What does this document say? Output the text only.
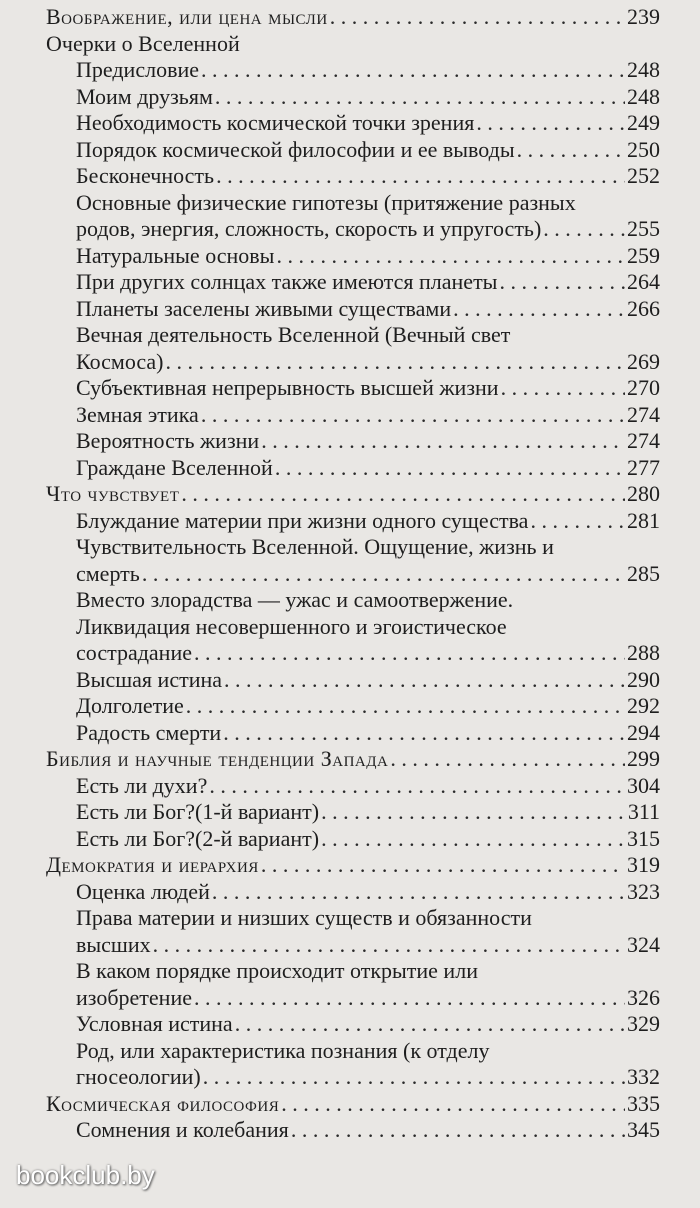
Воображение, или цена мысли . . .	239
Очерки о Вселенной
Предисловие . . .	248
Моим друзьям . . .	248
Необходимость космической точки зрения . . .	249
Порядок космической философии и ее выводы . . .	250
Бесконечность . . .	252
Основные физические гипотезы (притяжение разных
родов, энергия, сложность, скорость и упругость) . . .	255
Натуральные основы . . .	259
При других солнцах также имеются планеты . . .	264
Планеты заселены живыми существами . . .	266
Вечная деятельность Вселенной (Вечный свет
Космоса) . . .	269
Субъективная непрерывность высшей жизни . . .	270
Земная этика . . .	274
Вероятность жизни . . .	274
Граждане Вселенной . . .	277
Что чувствует . . .	280
Блуждание материи при жизни одного существа . . .	281
Чувствительность Вселенной. Ощущение, жизнь и
смерть . . .	285
Вместо злорадства — ужас и самоотвержение.
Ликвидация несовершенного и эгоистическое
сострадание . . .	288
Высшая истина . . .	290
Долголетие . . .	292
Радость смерти . . .	294
Библия и научные тенденции Запада . . .	299
Есть ли духи? . . .	304
Есть ли Бог?(1-й вариант) . . .	311
Есть ли Бог?(2-й вариант) . . .	315
Демократия и иерархия . . .	319
Оценка людей . . .	323
Права материи и низших существ и обязанности
высших . . .	324
В каком порядке происходит открытие или
изобретение . . .	326
Условная истина . . .	329
Род, или характеристика познания (к отделу
гносеологии) . . .	332
Космическая философия . . .	335
Сомнения и колебания . . .	345
bookclub.by
